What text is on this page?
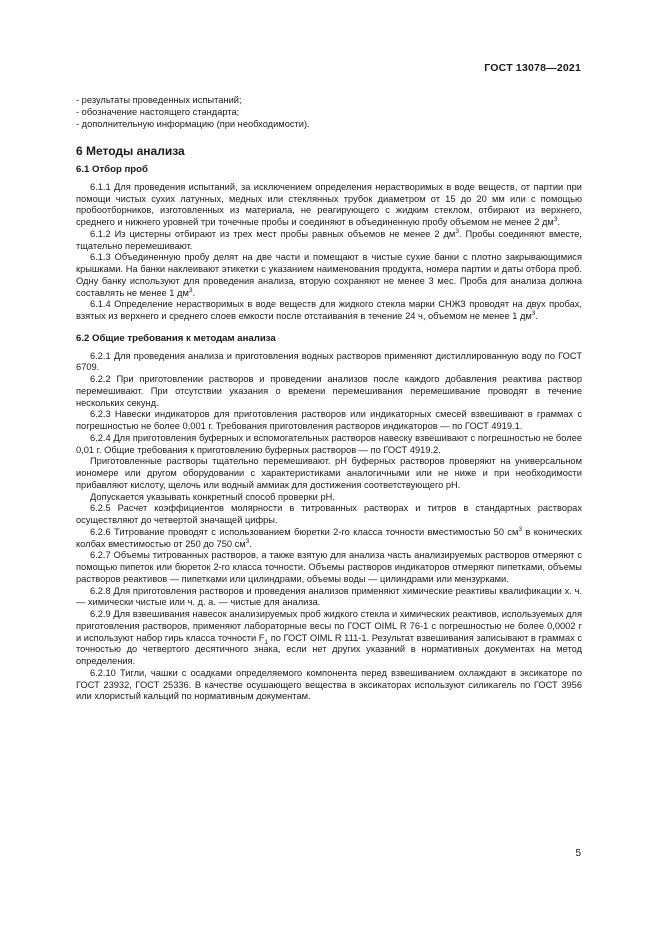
ГОСТ 13078—2021

- результаты проведенных испытаний;

- обозначение настоящего стандарта;

- дополнительную информацию (при необходимости).

6 Методы анализа

6.1 Отбор проб

6.1.1 Для проведения испытаний, за исключением определения нерастворимых в воде веществ, от партии при помощи чистых сухих латунных, медных или стеклянных трубок диаметром от 15 до 20 мм или с помощью пробоотборников, изготовленных из материала, не реагирующего с жидким стеклом, отбирают из верхнего, среднего и нижнего уровней три точечные пробы и соединяют в объединенную пробу объемом не менее 2 $дм^3$.

6.1.2 Из цистерны отбирают из трех мест пробы равных объемов не менее 2 $дм^3$. Пробы соединяют вместе, тщательно перемешивают.

6.1.3 Объединенную пробу делят на две части и помещают в чистые сухие банки с плотно закрывающимися крышками. На банки наклеивают этикетки с указанием наименования продукта, номера партии и даты отбора проб. Одну банку используют для проведения анализа, вторую сохраняют не менее 3 мес. Проба для анализа должна составлять не менее 1 $дм^3$.

6.1.4 Определение нерастворимых в воде веществ для жидкого стекла марки СНЖЗ проводят на двух пробах, взятых из верхнего и среднего слоев емкости после отстаивания в течение 24 ч, объемом не менее 1 $дм^3$.

6.2 Общие требования к методам анализа

6.2.1 Для проведения анализа и приготовления водных растворов применяют дистиллированную воду по ГОСТ 6709.

6.2.2 При приготовлении растворов и проведении анализов после каждого добавления реактива раствор перемешивают. При отсутствии указания о времени перемешивания перемешивание проводят в течение нескольких секунд.

6.2.3 Навески индикаторов для приготовления растворов или индикаторных смесей взвешивают в граммах с погрешностью не более 0,001 г. Требования приготовления растворов индикаторов — по ГОСТ 4919.1.

6.2.4 Для приготовления буферных и вспомогательных растворов навеску взвешивают с погрешностью не более 0,01 г. Общие требования к приготовлению буферных растворов — по ГОСТ 4919.2.

Приготовленные растворы тщательно перемешивают. pH буферных растворов проверяют на универсальном иономере или другом оборудовании с характеристиками аналогичными или не ниже и при необходимости прибавляют кислоту, щелочь или водный аммиак для достижения соответствующего pH.

Допускается указывать конкретный способ проверки pH.

6.2.5 Расчет коэффициентов молярности в титрованных растворах и титров в стандартных растворах осуществляют до четвертой значащей цифры.

6.2.6 Титрование проводят с использованием бюретки 2-го класса точности вместимостью 50 $см^3$ в конических колбах вместимостью от 250 до 750 $см^3$.

6.2.7 Объемы титрованных растворов, а также взятую для анализа часть анализируемых растворов отмеряют с помощью пипеток или бюреток 2-го класса точности. Объемы растворов индикаторов отмеряют пипетками, объемы растворов реактивов — пипетками или цилиндрами, объемы воды — цилиндрами или мензурками.

6.2.8 Для приготовления растворов и проведения анализов применяют химические реактивы квалификации х. ч. — химически чистые или ч. д. а. — чистые для анализа.

6.2.9 Для взвешивания навесок анализируемых проб жидкого стекла и химических реактивов, используемых для приготовления растворов, применяют лабораторные весы по ГОСТ OIML R 76-1 с погрешностью не более 0,0002 г и используют набор гирь класса точности $F_1$ по ГОСТ OIML R 111-1. Результат взвешивания записывают в граммах с точностью до четвертого десятичного знака, если нет других указаний в нормативных документах на метод определения.

6.2.10 Тигли, чашки с осадками определяемого компонента перед взвешиванием охлаждают в эксикаторе по ГОСТ 23932, ГОСТ 25336. В качестве осушающего вещества в эксикаторах используют силикагель по ГОСТ 3956 или хлористый кальций по нормативным документам.

5
